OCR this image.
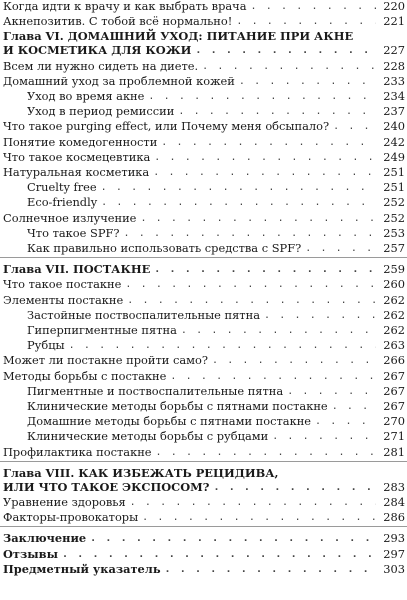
Когда идти к врачу и как выбрать врача . . .	220
Акнепозитив. С тобой всё нормально! . . .	221
Глава VI. ДОМАШНИЙ УХОД: ПИТАНИЕ ПРИ АКНЕ
И КОСМЕТИКА ДЛЯ КОЖИ . . .	227
Всем ли нужно сидеть на диете. . . .	228
Домашний уход за проблемной кожей . . .	233
Уход во время акне . . .	234
Уход в период ремиссии . . .	237
Что такое purging effect, или Почему меня обсыпало? . . .	240
Понятие комедогенности . . .	242
Что такое космецевтика . . .	249
Натуральная косметика . . .	251
Cruelty free . . .	251
Eco-friendly . . .	252
Солнечное излучение . . .	252
Что такое SPF? . . .	253
Как правильно использовать средства с SPF? . . .	257
Глава VII. ПОСТАКНЕ . . .	259
Что такое постакне . . .	260
Элементы постакне . . .	262
Застойные поствоспалительные пятна . . .	262
Гиперпигментные пятна . . .	262
Рубцы . . .	263
Может ли постакне пройти само? . . .	266
Методы борьбы с постакне . . .	267
Пигментные и поствоспалительные пятна . . .	267
Клинические методы борьбы с пятнами постакне . . .	267
Домашние методы борьбы с пятнами постакне . . .	270
Клинические методы борьбы с рубцами . . .	271
Профилактика постакне . . .	281
Глава VIII. КАК ИЗБЕЖАТЬ РЕЦИДИВА,
ИЛИ ЧТО ТАКОЕ ЭКСПОСОМ? . . .	283
Уравнение здоровья . . .	284
Факторы-провокаторы . . .	286
Заключение . . .	293
Отзывы . . .	297
Предметный указатель . . .	303
